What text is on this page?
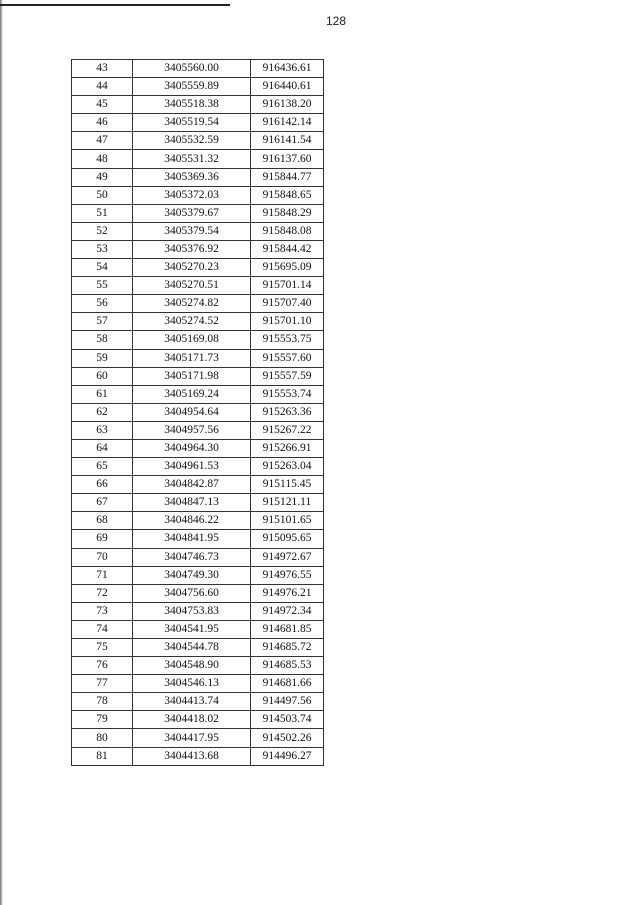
128
43	3405560.00	916436.61
44	3405559.89	916440.61
45	3405518.38	916138.20
46	3405519.54	916142.14
47	3405532.59	916141.54
48	3405531.32	916137.60
49	3405369.36	915844.77
50	3405372.03	915848.65
51	3405379.67	915848.29
52	3405379.54	915848.08
53	3405376.92	915844.42
54	3405270.23	915695.09
55	3405270.51	915701.14
56	3405274.82	915707.40
57	3405274.52	915701.10
58	3405169.08	915553.75
59	3405171.73	915557.60
60	3405171.98	915557.59
61	3405169.24	915553.74
62	3404954.64	915263.36
63	3404957.56	915267.22
64	3404964.30	915266.91
65	3404961.53	915263.04
66	3404842.87	915115.45
67	3404847.13	915121.11
68	3404846.22	915101.65
69	3404841.95	915095.65
70	3404746.73	914972.67
71	3404749.30	914976.55
72	3404756.60	914976.21
73	3404753.83	914972.34
74	3404541.95	914681.85
75	3404544.78	914685.72
76	3404548.90	914685.53
77	3404546.13	914681.66
78	3404413.74	914497.56
79	3404418.02	914503.74
80	3404417.95	914502.26
81	3404413.68	914496.27
